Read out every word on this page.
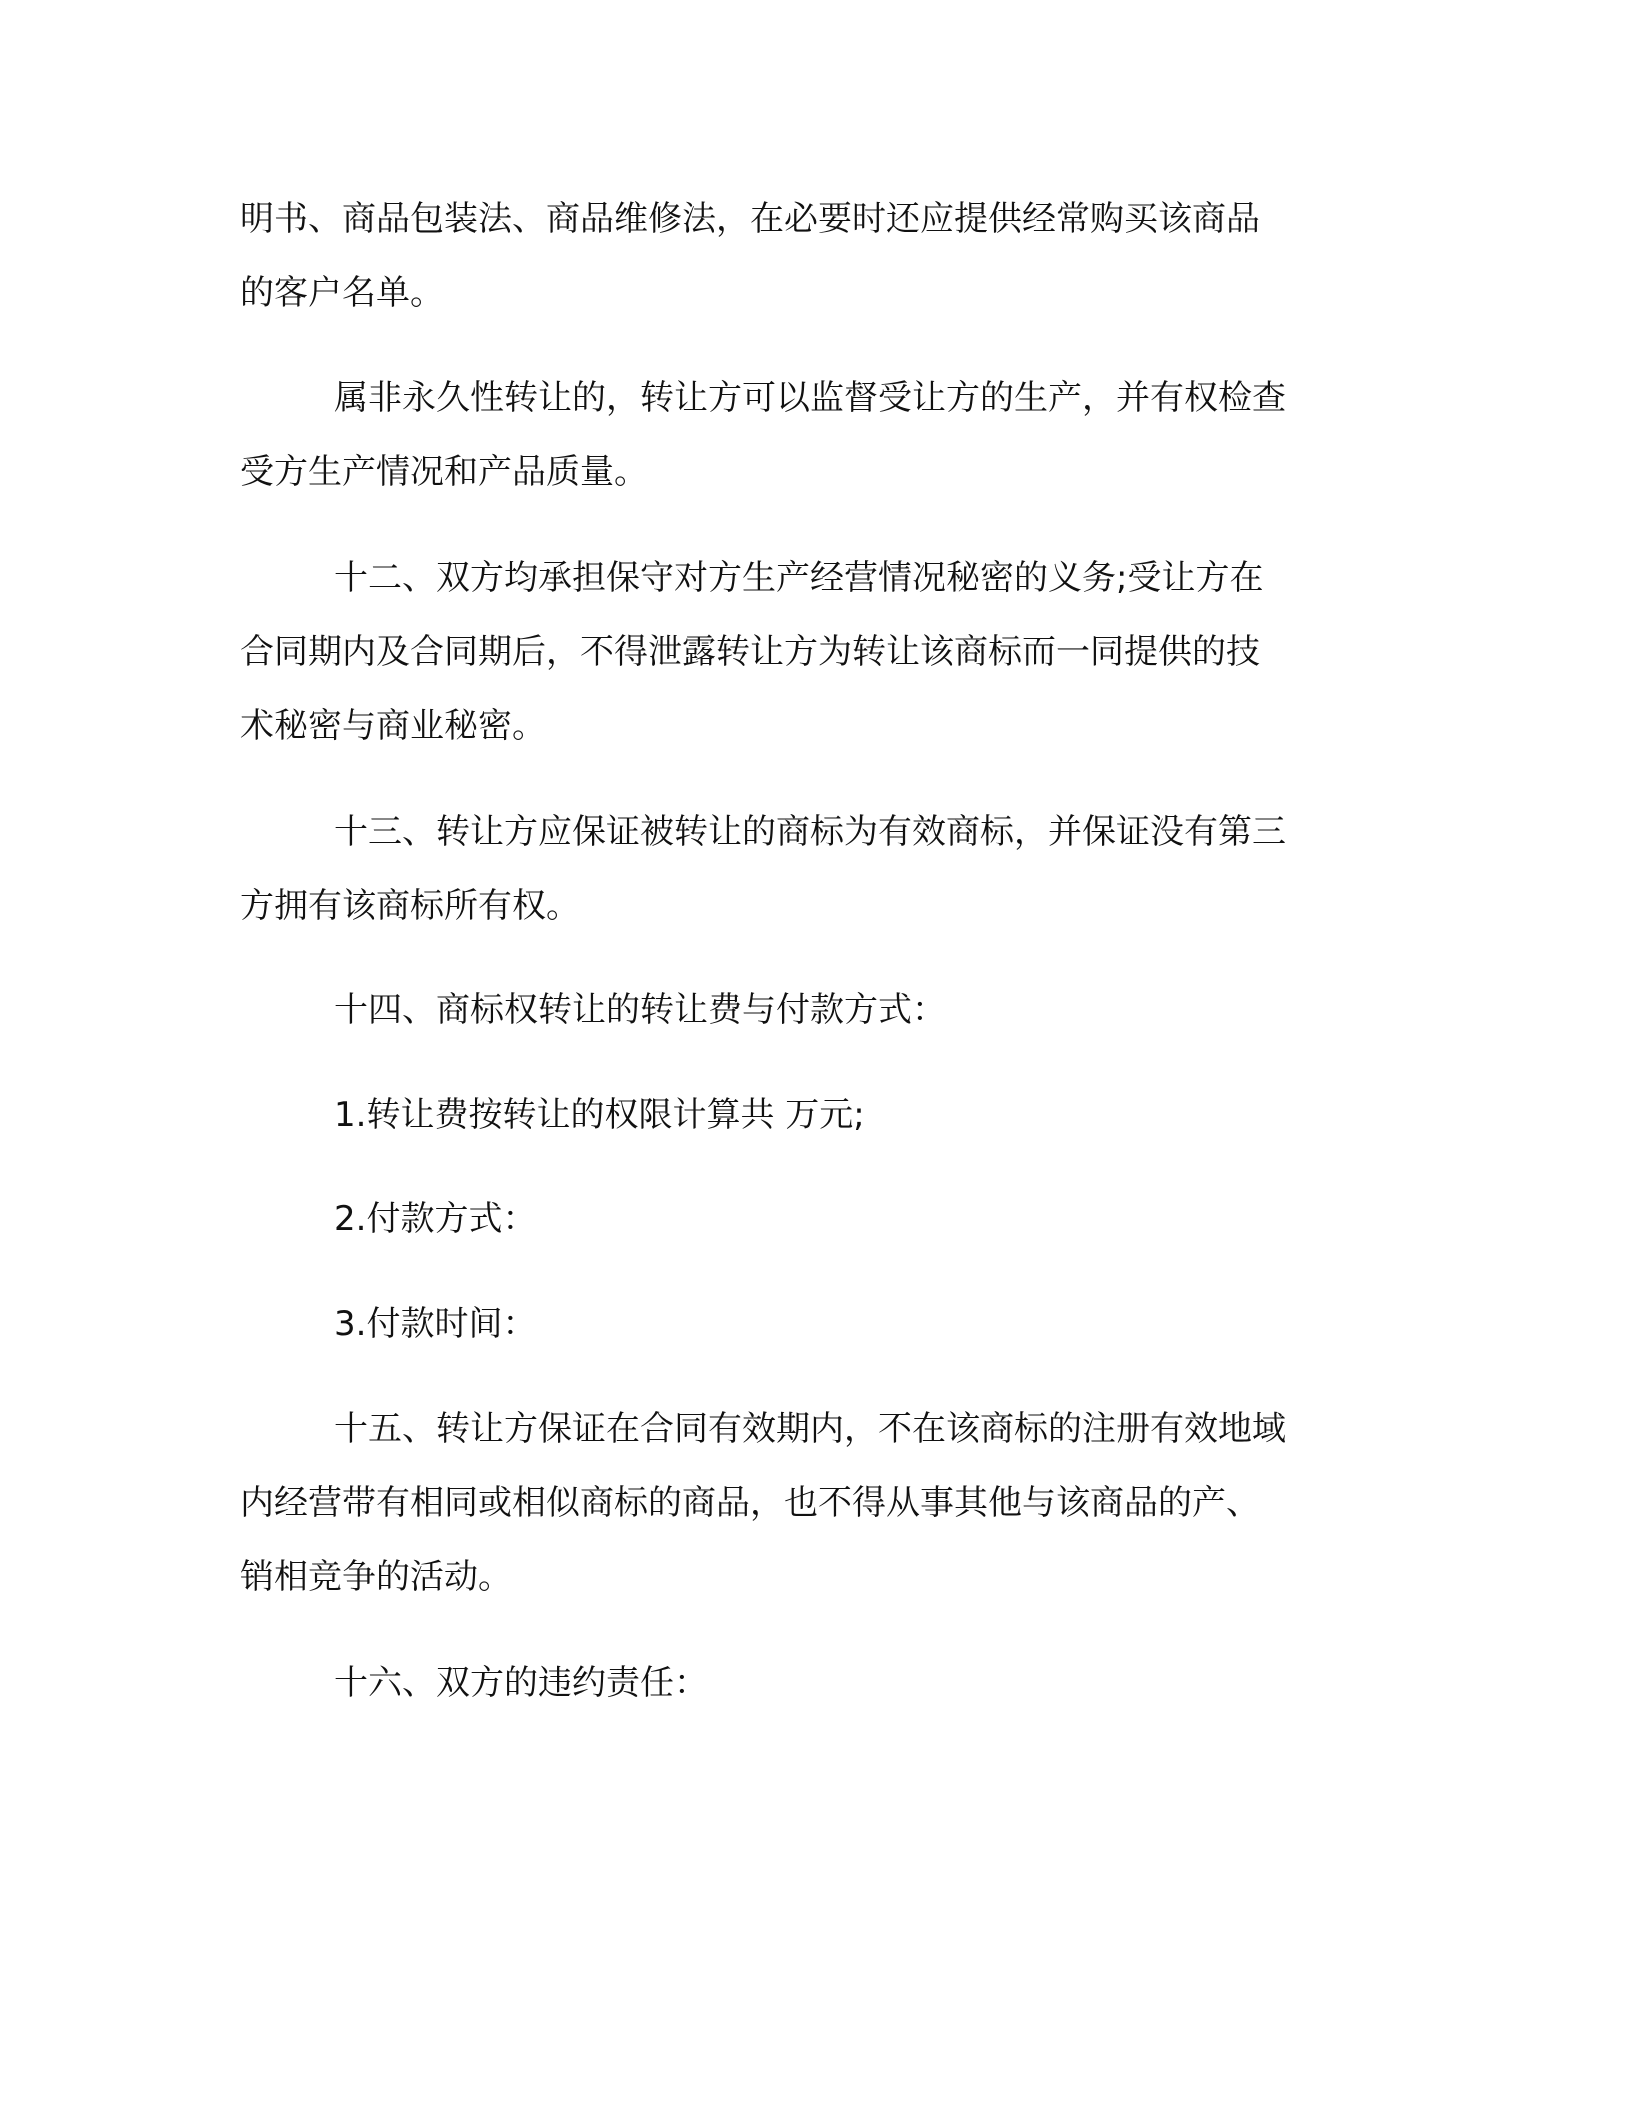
明书、商品包装法、商品维修法，在必要时还应提供经常购买该商品

的客户名单。

属非永久性转让的，转让方可以监督受让方的生产，并有权检查

受方生产情况和产品质量。

十二、双方均承担保守对方生产经营情况秘密的义务;受让方在

合同期内及合同期后，不得泄露转让方为转让该商标而一同提供的技

术秘密与商业秘密。

十三、转让方应保证被转让的商标为有效商标，并保证没有第三

方拥有该商标所有权。

十四、商标权转让的转让费与付款方式：

1.转让费按转让的权限计算共 万元;

2.付款方式：

3.付款时间：

十五、转让方保证在合同有效期内，不在该商标的注册有效地域

内经营带有相同或相似商标的商品，也不得从事其他与该商品的产、

销相竞争的活动。

十六、双方的违约责任：
